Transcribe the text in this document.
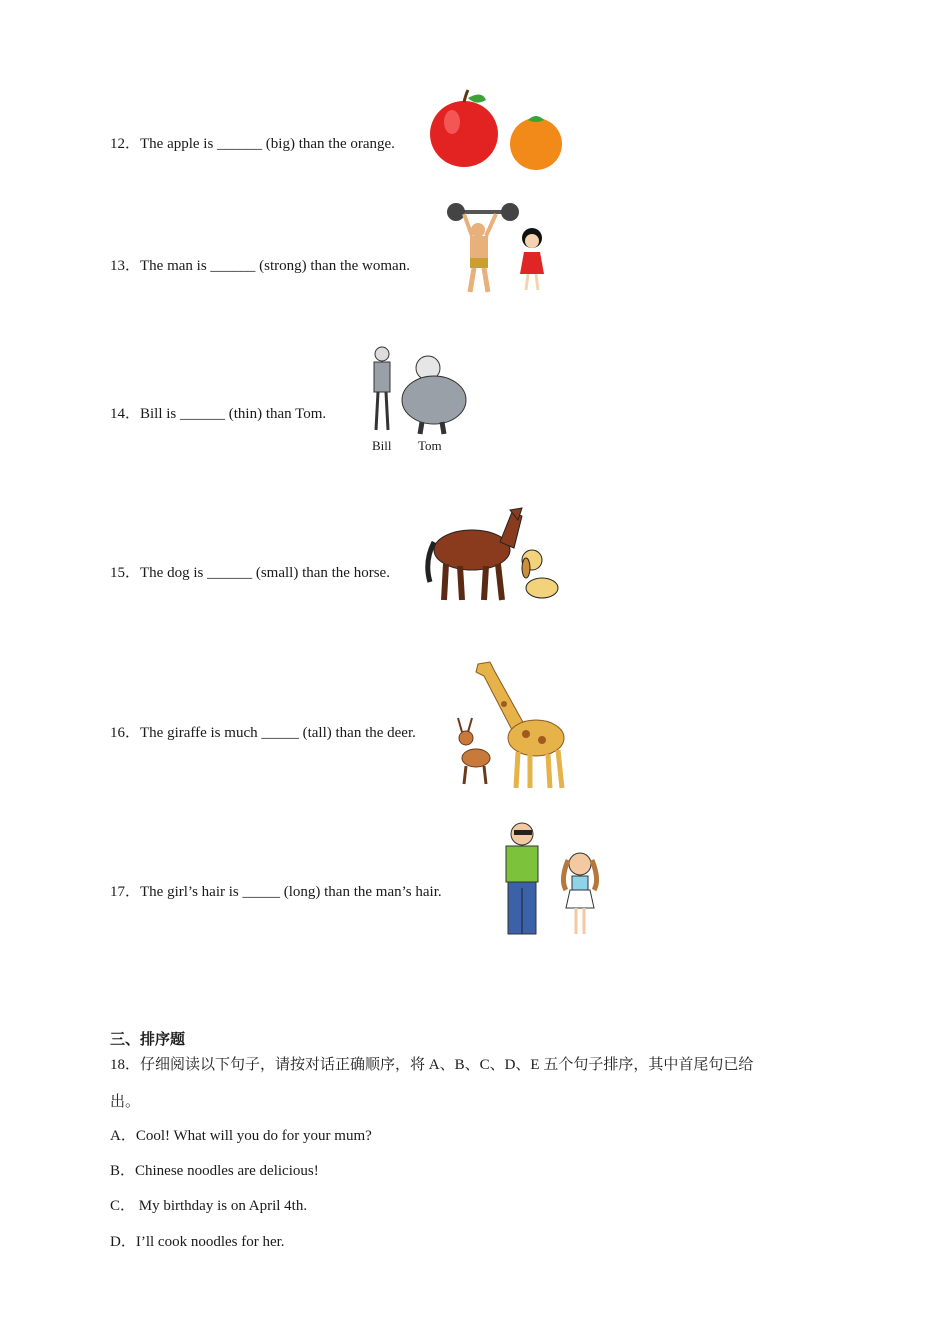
12．The apple is ______ (big) than the orange.
13．The man is ______ (strong) than the woman.
14．Bill is ______ (thin) than Tom.
Bill Tom
15．The dog is ______ (small) than the horse.
16．The giraffe is much _____ (tall) than the deer.
17．The girl’s hair is _____ (long) than the man’s hair.
三、排序题
18．仔细阅读以下句子，请按对话正确顺序，将 A、B、C、D、E 五个句子排序，其中首尾句已给
出。
A．Cool! What will you do for your mum?
B．Chinese noodles are delicious!
C． My birthday is on April 4th.
D．I’ll cook noodles for her.
